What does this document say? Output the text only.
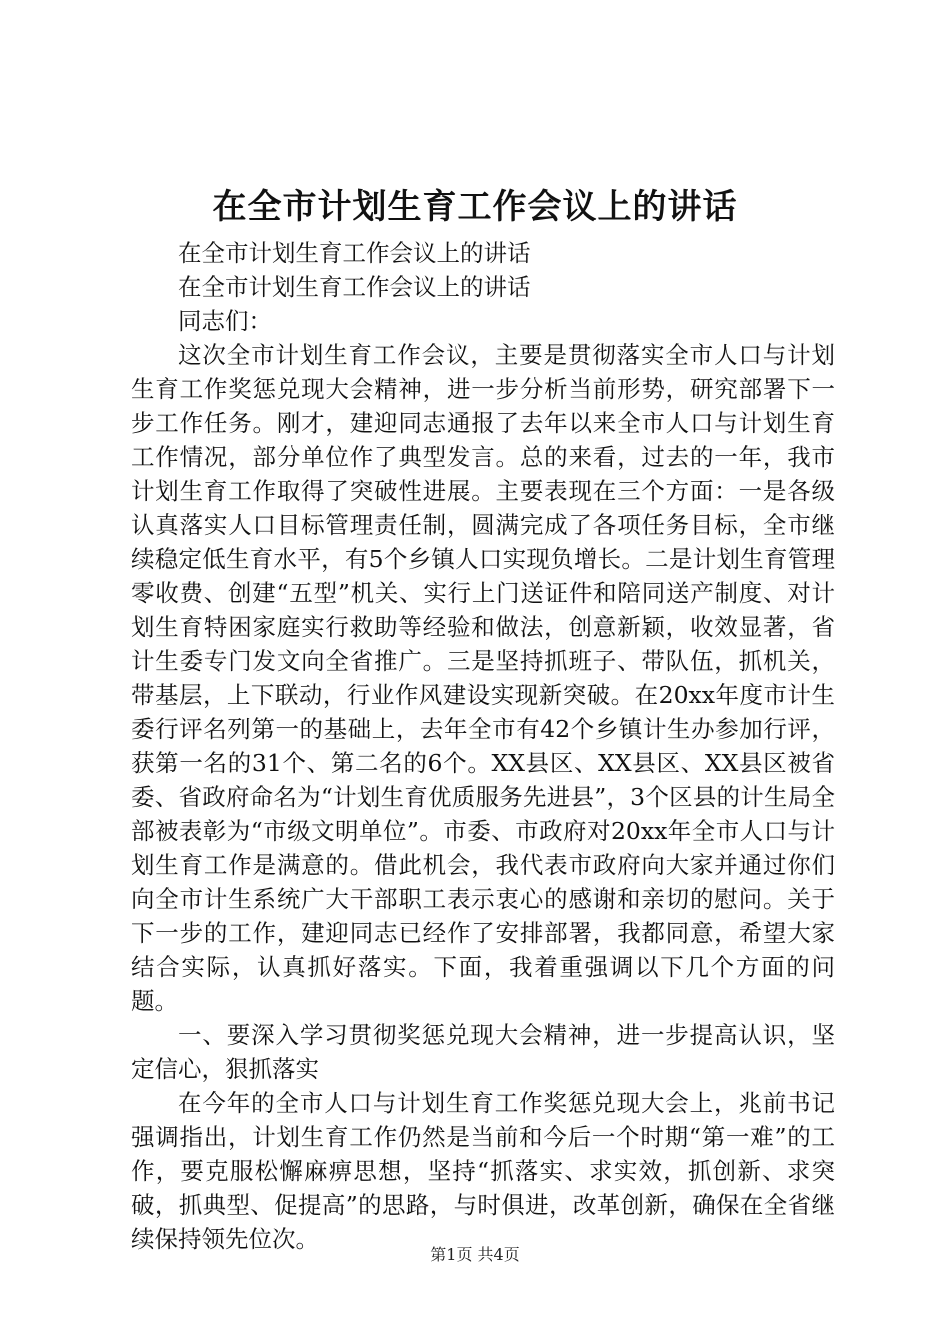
在全市计划生育工作会议上的讲话

在全市计划生育工作会议上的讲话

在全市计划生育工作会议上的讲话

同志们：

这次全市计划生育工作会议，主要是贯彻落实全市人口与计划生育工作奖惩兑现大会精神，进一步分析当前形势，研究部署下一步工作任务。刚才，建迎同志通报了去年以来全市人口与计划生育工作情况，部分单位作了典型发言。总的来看，过去的一年，我市计划生育工作取得了突破性进展。主要表现在三个方面：一是各级认真落实人口目标管理责任制，圆满完成了各项任务目标，全市继续稳定低生育水平，有5个乡镇人口实现负增长。二是计划生育管理零收费、创建“五型”机关、实行上门送证件和陪同送产制度、对计划生育特困家庭实行救助等经验和做法，创意新颖，收效显著，省计生委专门发文向全省推广。三是坚持抓班子、带队伍，抓机关，带基层，上下联动，行业作风建设实现新突破。在20xx年度市计生委行评名列第一的基础上，去年全市有42个乡镇计生办参加行评，获第一名的31个、第二名的6个。XX县区、XX县区、XX县区被省委、省政府命名为“计划生育优质服务先进县”，3个区县的计生局全部被表彰为“市级文明单位”。市委、市政府对20xx年全市人口与计划生育工作是满意的。借此机会，我代表市政府向大家并通过你们向全市计生系统广大干部职工表示衷心的感谢和亲切的慰问。关于下一步的工作，建迎同志已经作了安排部署，我都同意，希望大家结合实际，认真抓好落实。下面，我着重强调以下几个方面的问题。

一、要深入学习贯彻奖惩兑现大会精神，进一步提高认识，坚定信心，狠抓落实

在今年的全市人口与计划生育工作奖惩兑现大会上，兆前书记强调指出，计划生育工作仍然是当前和今后一个时期“第一难”的工作，要克服松懈麻痹思想，坚持“抓落实、求实效，抓创新、求突破，抓典型、促提高”的思路，与时俱进，改革创新，确保在全省继续保持领先位次。

第1页 共4页
